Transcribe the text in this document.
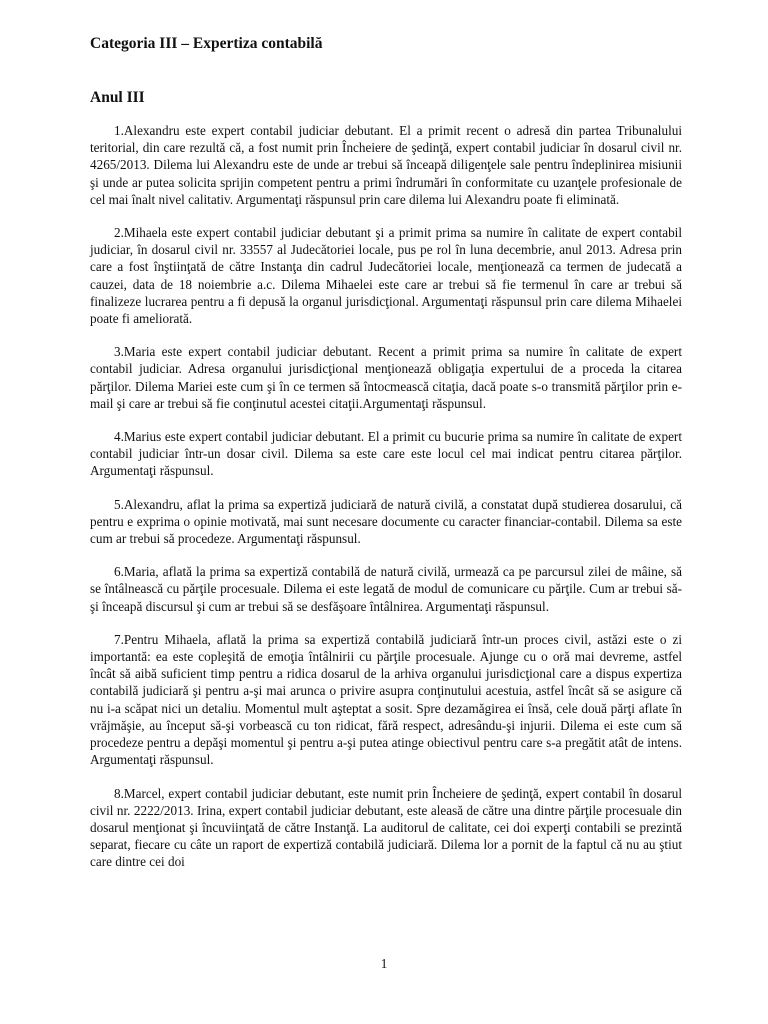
Categoria III – Expertiza contabilă
Anul III

1.Alexandru este expert contabil judiciar debutant. El a primit recent o adresă din partea Tribunalului teritorial, din care rezultă că, a fost numit prin Încheiere de şedinţă, expert contabil judiciar în dosarul civil nr. 4265/2013. Dilema lui Alexandru este de unde ar trebui să înceapă diligenţele sale pentru îndeplinirea misiunii şi unde ar putea solicita sprijin competent pentru a primi îndrumări în conformitate cu uzanţele profesionale de cel mai înalt nivel calitativ. Argumentaţi răspunsul prin care dilema lui Alexandru poate fi eliminată.

2.Mihaela este expert contabil judiciar debutant şi a primit prima sa numire în calitate de expert contabil judiciar, în dosarul civil nr. 33557 al Judecătoriei locale, pus pe rol în luna decembrie, anul 2013. Adresa prin care a fost înştiinţată de către Instanţa din cadrul Judecătoriei locale, menţionează ca termen de judecată a cauzei, data de 18 noiembrie a.c. Dilema Mihaelei este care ar trebui să fie termenul în care ar trebui să finalizeze lucrarea pentru a fi depusă la organul jurisdicţional. Argumentaţi răspunsul prin care dilema Mihaelei poate fi ameliorată.

3.Maria este expert contabil judiciar debutant. Recent a primit prima sa numire în calitate de expert contabil judiciar. Adresa organului jurisdicţional menţionează obligaţia expertului de a proceda la citarea părţilor. Dilema Mariei este cum şi în ce termen să întocmească citaţia, dacă poate s-o transmită părţilor prin e-mail şi care ar trebui să fie conţinutul acestei citaţii.Argumentaţi răspunsul.

4.Marius este expert contabil judiciar debutant. El a primit cu bucurie prima sa numire în calitate de expert contabil judiciar într-un dosar civil. Dilema sa este care este locul cel mai indicat pentru citarea părţilor. Argumentaţi răspunsul.

5.Alexandru, aflat la prima sa expertiză judiciară de natură civilă, a constatat după studierea dosarului, că pentru e exprima o opinie motivată, mai sunt necesare documente cu caracter financiar-contabil. Dilema sa este cum ar trebui să procedeze. Argumentaţi răspunsul.

6.Maria, aflată la prima sa expertiză contabilă de natură civilă, urmează ca pe parcursul zilei de mâine, să se întâlnească cu părţile procesuale. Dilema ei este legată de modul de comunicare cu părţile. Cum ar trebui să-şi înceapă discursul şi cum ar trebui să se desfăşoare întâlnirea. Argumentaţi răspunsul.

7.Pentru Mihaela, aflată la prima sa expertiză contabilă judiciară într-un proces civil, astăzi este o zi importantă: ea este copleşită de emoţia întâlnirii cu părţile procesuale. Ajunge cu o oră mai devreme, astfel încât să aibă suficient timp pentru a ridica dosarul de la arhiva organului jurisdicţional care a dispus expertiza contabilă judiciară şi pentru a-şi mai arunca o privire asupra conţinutului acestuia, astfel încât să se asigure că nu i-a scăpat nici un detaliu. Momentul mult aşteptat a sosit. Spre dezamăgirea ei însă, cele două părţi aflate în vrăjmăşie, au început să-şi vorbească cu ton ridicat, fără respect, adresându-şi injurii. Dilema ei este cum să procedeze pentru a depăşi momentul şi pentru a-şi putea atinge obiectivul pentru care s-a pregătit atât de intens. Argumentaţi răspunsul.

8.Marcel, expert contabil judiciar debutant, este numit prin Încheiere de şedinţă, expert contabil în dosarul civil nr. 2222/2013. Irina, expert contabil judiciar debutant, este aleasă de către una dintre părţile procesuale din dosarul menţionat şi încuviinţată de către Instanţă. La auditorul de calitate, cei doi experţi contabili se prezintă separat, fiecare cu câte un raport de expertiză contabilă judiciară. Dilema lor a pornit de la faptul că nu au ştiut care dintre cei doi

1
